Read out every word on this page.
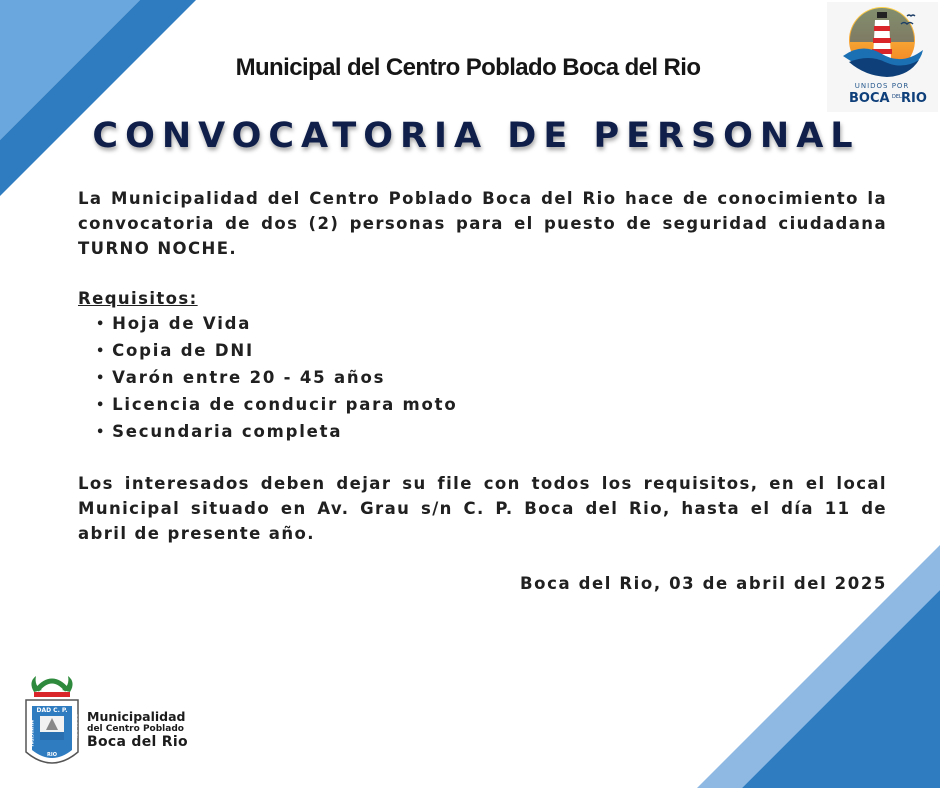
UNIDOS POR
BOCA DEL RIO
Municipal del Centro Poblado Boca del Rio
CONVOCATORIA DE PERSONAL

La Municipalidad del Centro Poblado Boca del Rio hace de conocimiento la convocatoria de dos (2) personas para el puesto de seguridad ciudadana TURNO NOCHE.

Requisitos:

• Hoja de Vida
• Copia de DNI
• Varón entre 20 - 45 años
• Licencia de conducir para moto
• Secundaria completa

Los interesados deben dejar su file con todos los requisitos, en el local Municipal situado en Av. Grau s/n C. P. Boca del Rio, hasta el día 11 de abril de presente año.

Boca del Rio, 03 de abril del 2025

DAD C. P.
MUNICIPAL	BOCA DEL
RIO
Municipalidad
del Centro Poblado
Boca del Rio
